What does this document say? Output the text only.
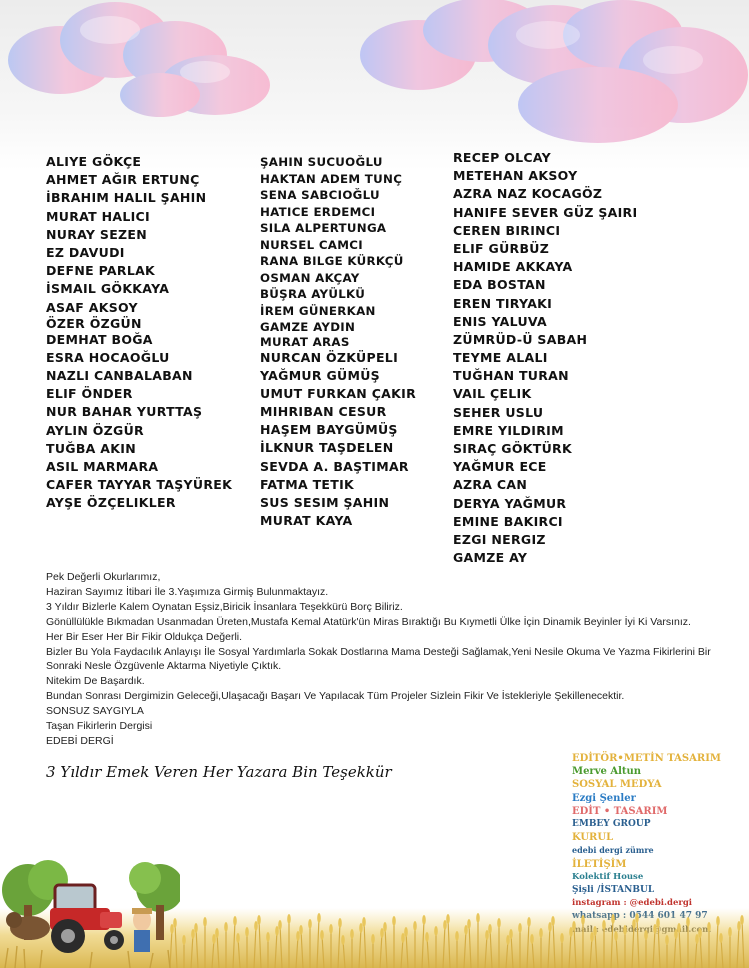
ALIYE GÖKÇE
AHMET AĞIR ERTUNÇ
İBRAHIM HALIL ŞAHIN
MURAT HALICI
NURAY SEZEN
EZ DAVUDI
DEFNE PARLAK
İSMAIL GÖKKAYA
ASAF AKSOY
ÖZER ÖZGÜN
DEMHAT BOĞA
ESRA HOCAOĞLU
NAZLI CANBALABAN
ELIF ÖNDER
NUR BAHAR YURTTAŞ
AYLIN ÖZGÜR
TUĞBA AKIN
ASIL MARMARA
CAFER TAYYAR TAŞYÜREK
AYŞE ÖZÇELIKLER
ŞAHIN SUCUOĞLU
HAKTAN ADEM TUNÇ
SENA SABCIOĞLU
HATICE ERDEMCI
SILA ALPERTUNGA
NURSEL CAMCI
RANA BILGE KÜRKÇÜ
OSMAN AKÇAY
BÜŞRA AYÜLKÜ
İREM GÜNERKAN
GAMZE AYDIN
MURAT ARAS
NURCAN ÖZKÜPELI
YAĞMUR GÜMÜŞ
UMUT FURKAN ÇAKIR
MIHRIBAN CESUR
HAŞEM BAYGÜMÜŞ
İLKNUR TAŞDELEN
SEVDA A. BAŞTIMAR
FATMA TETIK
SUS SESIM ŞAHIN
MURAT KAYA
RECEP OLCAY
METEHAN AKSOY
AZRA NAZ KOCAGÖZ
HANIFE SEVER GÜZ ŞAIRI
CEREN BIRINCI
ELIF GÜRBÜZ
HAMIDE AKKAYA
EDA BOSTAN
EREN TIRYAKI
ENIS YALUVA
ZÜMRÜD-Ü SABAH
TEYME ALALI
TUĞHAN TURAN
VAIL ÇELIK
SEHER USLU
EMRE YILDIRIM
SIRAÇ GÖKTÜRK
YAĞMUR ECE
AZRA CAN
DERYA YAĞMUR
EMINE BAKIRCI
EZGI NERGIZ
GAMZE AY
Pek Değerli Okurlarımız,
Haziran Sayımız İtibari İle 3.Yaşımıza Girmiş Bulunmaktayız.
3 Yıldır Bizlerle Kalem Oynatan Eşsiz,Biricik İnsanlara Teşekkürü Borç Biliriz.
Gönüllülükle Bıkmadan Usanmadan Üreten,Mustafa Kemal Atatürk'ün Miras Bıraktığı Bu Kıymetli Ülke İçin Dinamik Beyinler İyi Ki Varsınız.
Her Bir Eser Her Bir Fikir Oldukça Değerli.
Bizler Bu Yola Faydacılık Anlayışı İle Sosyal Yardımlarla Sokak Dostlarına Mama Desteği Sağlamak,Yeni Nesile Okuma Ve Yazma Fikirlerini Bir
Sonraki Nesle Özgüvenle Aktarma Niyetiyle Çıktık.
Nitekim De Başardık.
Bundan Sonrası Dergimizin Geleceği,Ulaşacağı Başarı Ve Yapılacak Tüm Projeler Sizlein Fikir Ve İstekleriyle Şekillenecektir.
SONSUZ SAYGIYLA
Taşan Fikirlerin Dergisi
EDEBİ DERGİ
3 Yıldır Emek Veren Her Yazara Bin Teşekkür
EDİTÖR•METİN TASARIM
Merve Altun
SOSYAL MEDYA
Ezgi Şenler
EDİT • TASARIM
EMBEY GROUP
KURUL
edebi dergi zümre
İLETİŞİM
Kolektif House
Şişli /İSTANBUL
instagram : @edebi.dergi
